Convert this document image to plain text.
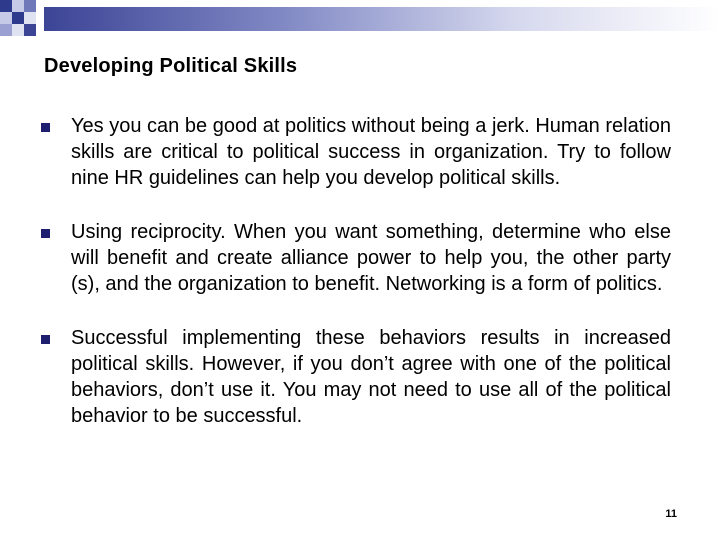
Developing Political Skills
Yes you can be good at politics without being a jerk. Human relation skills are critical to political success in organization. Try to follow nine HR guidelines can help you develop political skills.
Using reciprocity. When you want something, determine who else will benefit and create alliance power to help you, the other party (s), and the organization to benefit. Networking is a form of politics.
Successful implementing these behaviors results in increased political skills. However, if you don’t agree with one of the political behaviors, don’t use it. You may not need to use all of the political behavior to be successful.
11
